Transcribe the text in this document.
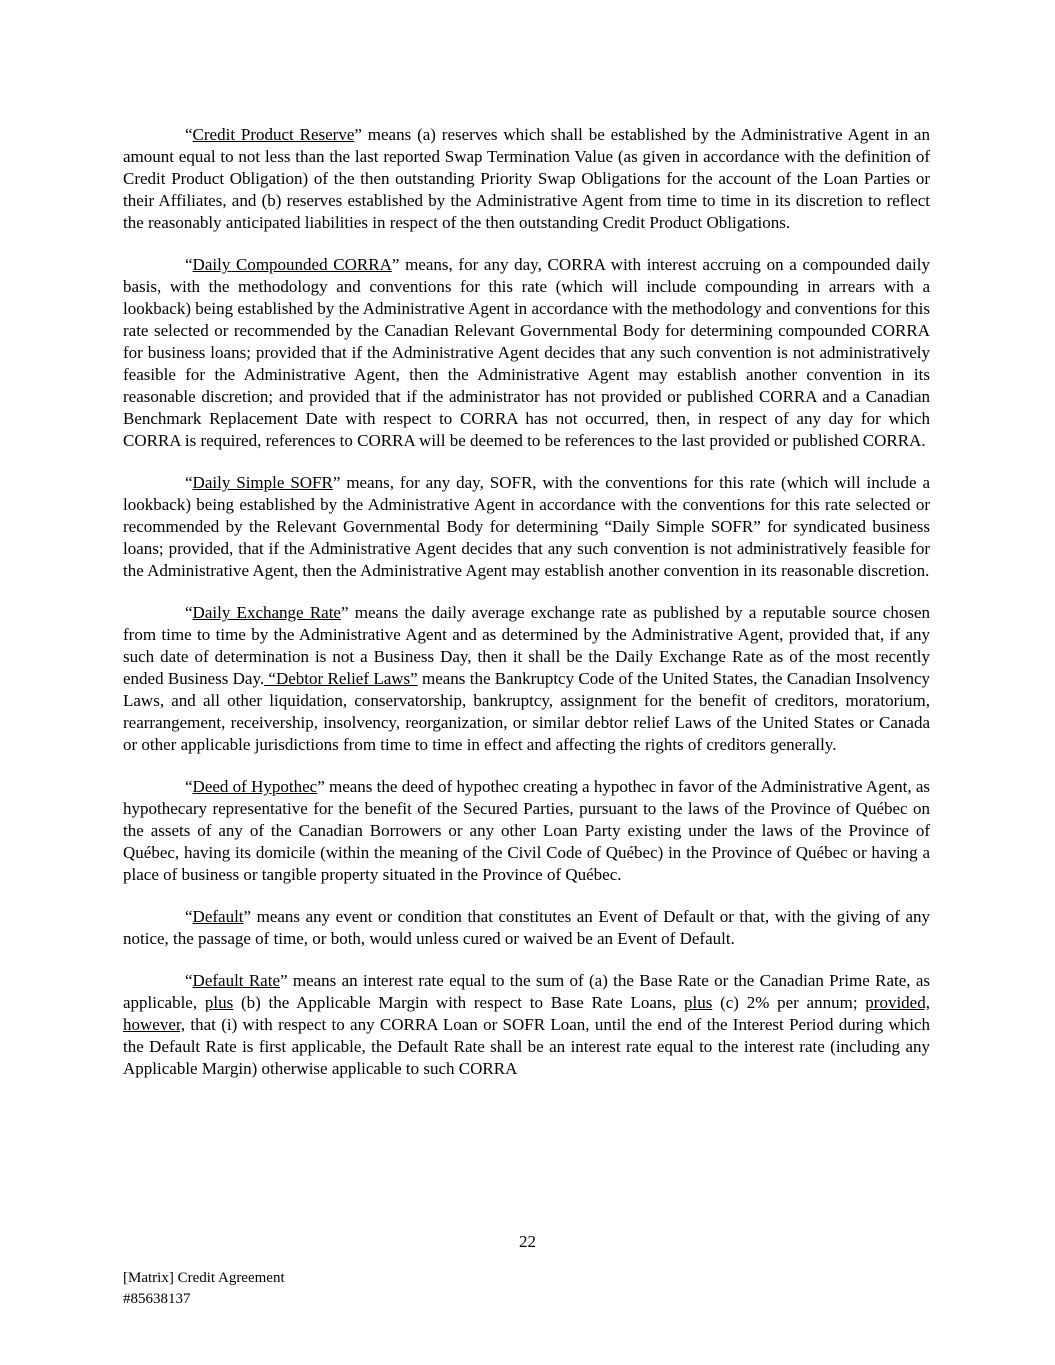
“Credit Product Reserve” means (a) reserves which shall be established by the Administrative Agent in an amount equal to not less than the last reported Swap Termination Value (as given in accordance with the definition of Credit Product Obligation) of the then outstanding Priority Swap Obligations for the account of the Loan Parties or their Affiliates, and (b) reserves established by the Administrative Agent from time to time in its discretion to reflect the reasonably anticipated liabilities in respect of the then outstanding Credit Product Obligations.

“Daily Compounded CORRA” means, for any day, CORRA with interest accruing on a compounded daily basis, with the methodology and conventions for this rate (which will include compounding in arrears with a lookback) being established by the Administrative Agent in accordance with the methodology and conventions for this rate selected or recommended by the Canadian Relevant Governmental Body for determining compounded CORRA for business loans; provided that if the Administrative Agent decides that any such convention is not administratively feasible for the Administrative Agent, then the Administrative Agent may establish another convention in its reasonable discretion; and provided that if the administrator has not provided or published CORRA and a Canadian Benchmark Replacement Date with respect to CORRA has not occurred, then, in respect of any day for which CORRA is required, references to CORRA will be deemed to be references to the last provided or published CORRA.

“Daily Simple SOFR” means, for any day, SOFR, with the conventions for this rate (which will include a lookback) being established by the Administrative Agent in accordance with the conventions for this rate selected or recommended by the Relevant Governmental Body for determining “Daily Simple SOFR” for syndicated business loans; provided, that if the Administrative Agent decides that any such convention is not administratively feasible for the Administrative Agent, then the Administrative Agent may establish another convention in its reasonable discretion.

“Daily Exchange Rate” means the daily average exchange rate as published by a reputable source chosen from time to time by the Administrative Agent and as determined by the Administrative Agent, provided that, if any such date of determination is not a Business Day, then it shall be the Daily Exchange Rate as of the most recently ended Business Day. “Debtor Relief Laws” means the Bankruptcy Code of the United States, the Canadian Insolvency Laws, and all other liquidation, conservatorship, bankruptcy, assignment for the benefit of creditors, moratorium, rearrangement, receivership, insolvency, reorganization, or similar debtor relief Laws of the United States or Canada or other applicable jurisdictions from time to time in effect and affecting the rights of creditors generally.

“Deed of Hypothec” means the deed of hypothec creating a hypothec in favor of the Administrative Agent, as hypothecary representative for the benefit of the Secured Parties, pursuant to the laws of the Province of Québec on the assets of any of the Canadian Borrowers or any other Loan Party existing under the laws of the Province of Québec, having its domicile (within the meaning of the Civil Code of Québec) in the Province of Québec or having a place of business or tangible property situated in the Province of Québec.

“Default” means any event or condition that constitutes an Event of Default or that, with the giving of any notice, the passage of time, or both, would unless cured or waived be an Event of Default.

“Default Rate” means an interest rate equal to the sum of (a) the Base Rate or the Canadian Prime Rate, as applicable, plus (b) the Applicable Margin with respect to Base Rate Loans, plus (c) 2% per annum; provided, however, that (i) with respect to any CORRA Loan or SOFR Loan, until the end of the Interest Period during which the Default Rate is first applicable, the Default Rate shall be an interest rate equal to the interest rate (including any Applicable Margin) otherwise applicable to such CORRA

22
[Matrix] Credit Agreement
#85638137
